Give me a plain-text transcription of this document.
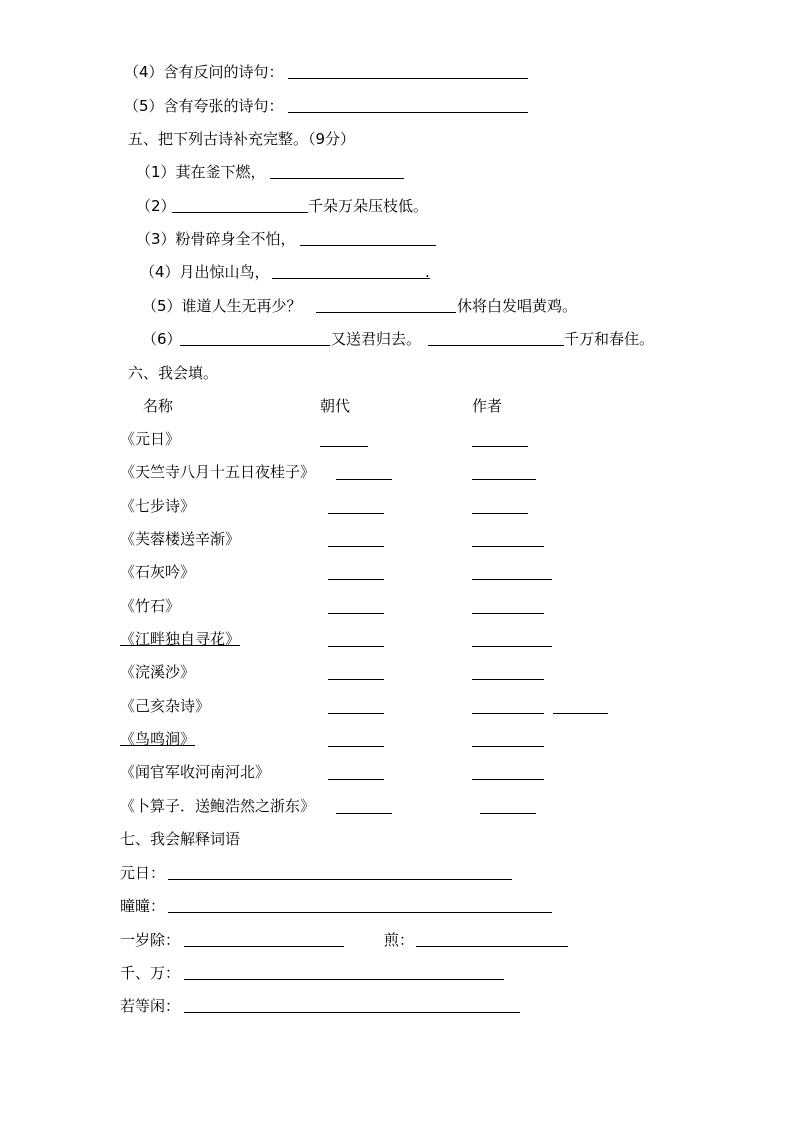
（4）含有反问的诗句：
（5）含有夸张的诗句：
五、把下列古诗补充完整。（9分）
（1）萁在釜下燃，
（2）	千朵万朵压枝低。
（3）粉骨碎身全不怕，
（4）月出惊山鸟，	.
（5）谁道人生无再少？	休将白发唱黄鸡。
（6）	又送君归去。	千万和春住。
六、我会填。
名称	朝代	作者
《元日》
《天竺寺八月十五日夜桂子》
《七步诗》
《芙蓉楼送辛渐》
《石灰吟》
《竹石》
《江畔独自寻花》
《浣溪沙》
《己亥杂诗》
《鸟鸣涧》
《闻官军收河南河北》
《卜算子．送鲍浩然之浙东》
七、我会解释词语
元日：
曈曈：
一岁除：	煎：
千、万：
若等闲：
